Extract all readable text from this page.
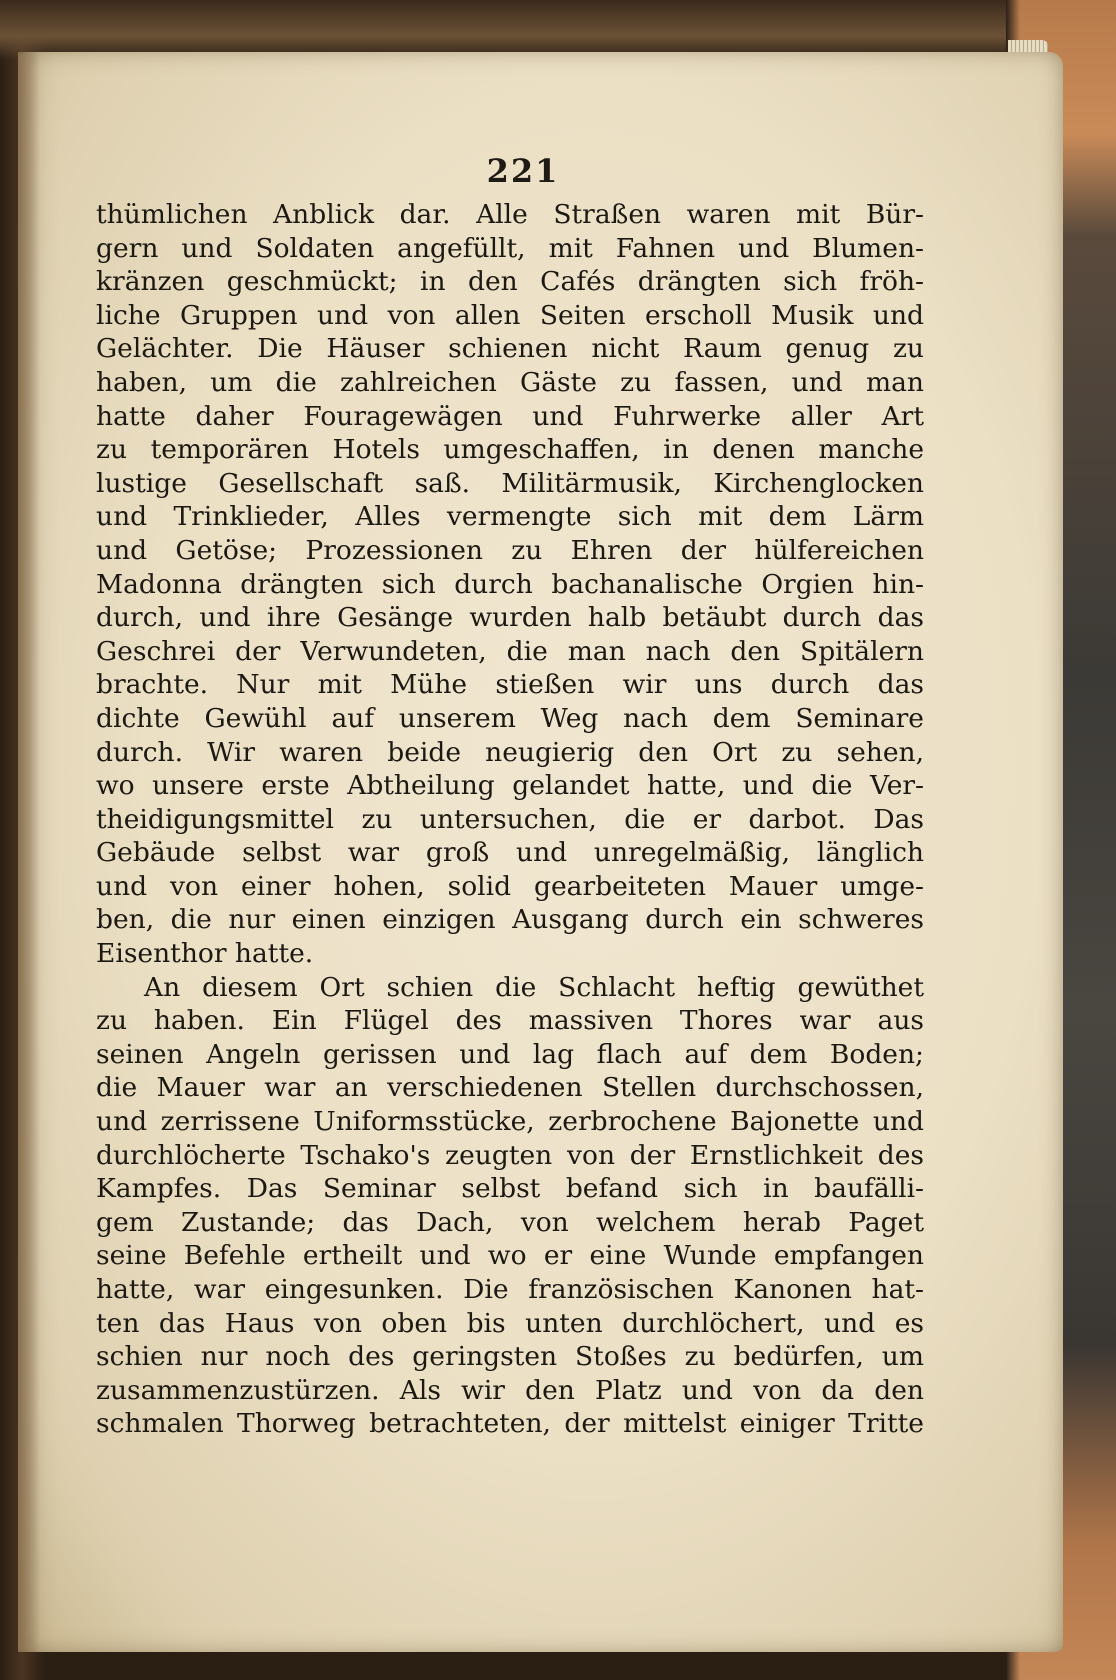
221
thümlichen Anblick dar. Alle Straßen waren mit Bür-
gern und Soldaten angefüllt, mit Fahnen und Blumen-
kränzen geschmückt; in den Cafés drängten sich fröh-
liche Gruppen und von allen Seiten erscholl Musik und
Gelächter. Die Häuser schienen nicht Raum genug zu
haben, um die zahlreichen Gäste zu fassen, und man
hatte daher Fouragewägen und Fuhrwerke aller Art
zu temporären Hotels umgeschaffen, in denen manche
lustige Gesellschaft saß. Militärmusik, Kirchenglocken
und Trinklieder, Alles vermengte sich mit dem Lärm
und Getöse; Prozessionen zu Ehren der hülfereichen
Madonna drängten sich durch bachanalische Orgien hin-
durch, und ihre Gesänge wurden halb betäubt durch das
Geschrei der Verwundeten, die man nach den Spitälern
brachte. Nur mit Mühe stießen wir uns durch das
dichte Gewühl auf unserem Weg nach dem Seminare
durch. Wir waren beide neugierig den Ort zu sehen,
wo unsere erste Abtheilung gelandet hatte, und die Ver-
theidigungsmittel zu untersuchen, die er darbot. Das
Gebäude selbst war groß und unregelmäßig, länglich
und von einer hohen, solid gearbeiteten Mauer umge-
ben, die nur einen einzigen Ausgang durch ein schweres
Eisenthor hatte.
An diesem Ort schien die Schlacht heftig gewüthet
zu haben. Ein Flügel des massiven Thores war aus
seinen Angeln gerissen und lag flach auf dem Boden;
die Mauer war an verschiedenen Stellen durchschossen,
und zerrissene Uniformsstücke, zerbrochene Bajonette und
durchlöcherte Tschako's zeugten von der Ernstlichkeit des
Kampfes. Das Seminar selbst befand sich in baufälli-
gem Zustande; das Dach, von welchem herab Paget
seine Befehle ertheilt und wo er eine Wunde empfangen
hatte, war eingesunken. Die französischen Kanonen hat-
ten das Haus von oben bis unten durchlöchert, und es
schien nur noch des geringsten Stoßes zu bedürfen, um
zusammenzustürzen. Als wir den Platz und von da den
schmalen Thorweg betrachteten, der mittelst einiger Tritte
